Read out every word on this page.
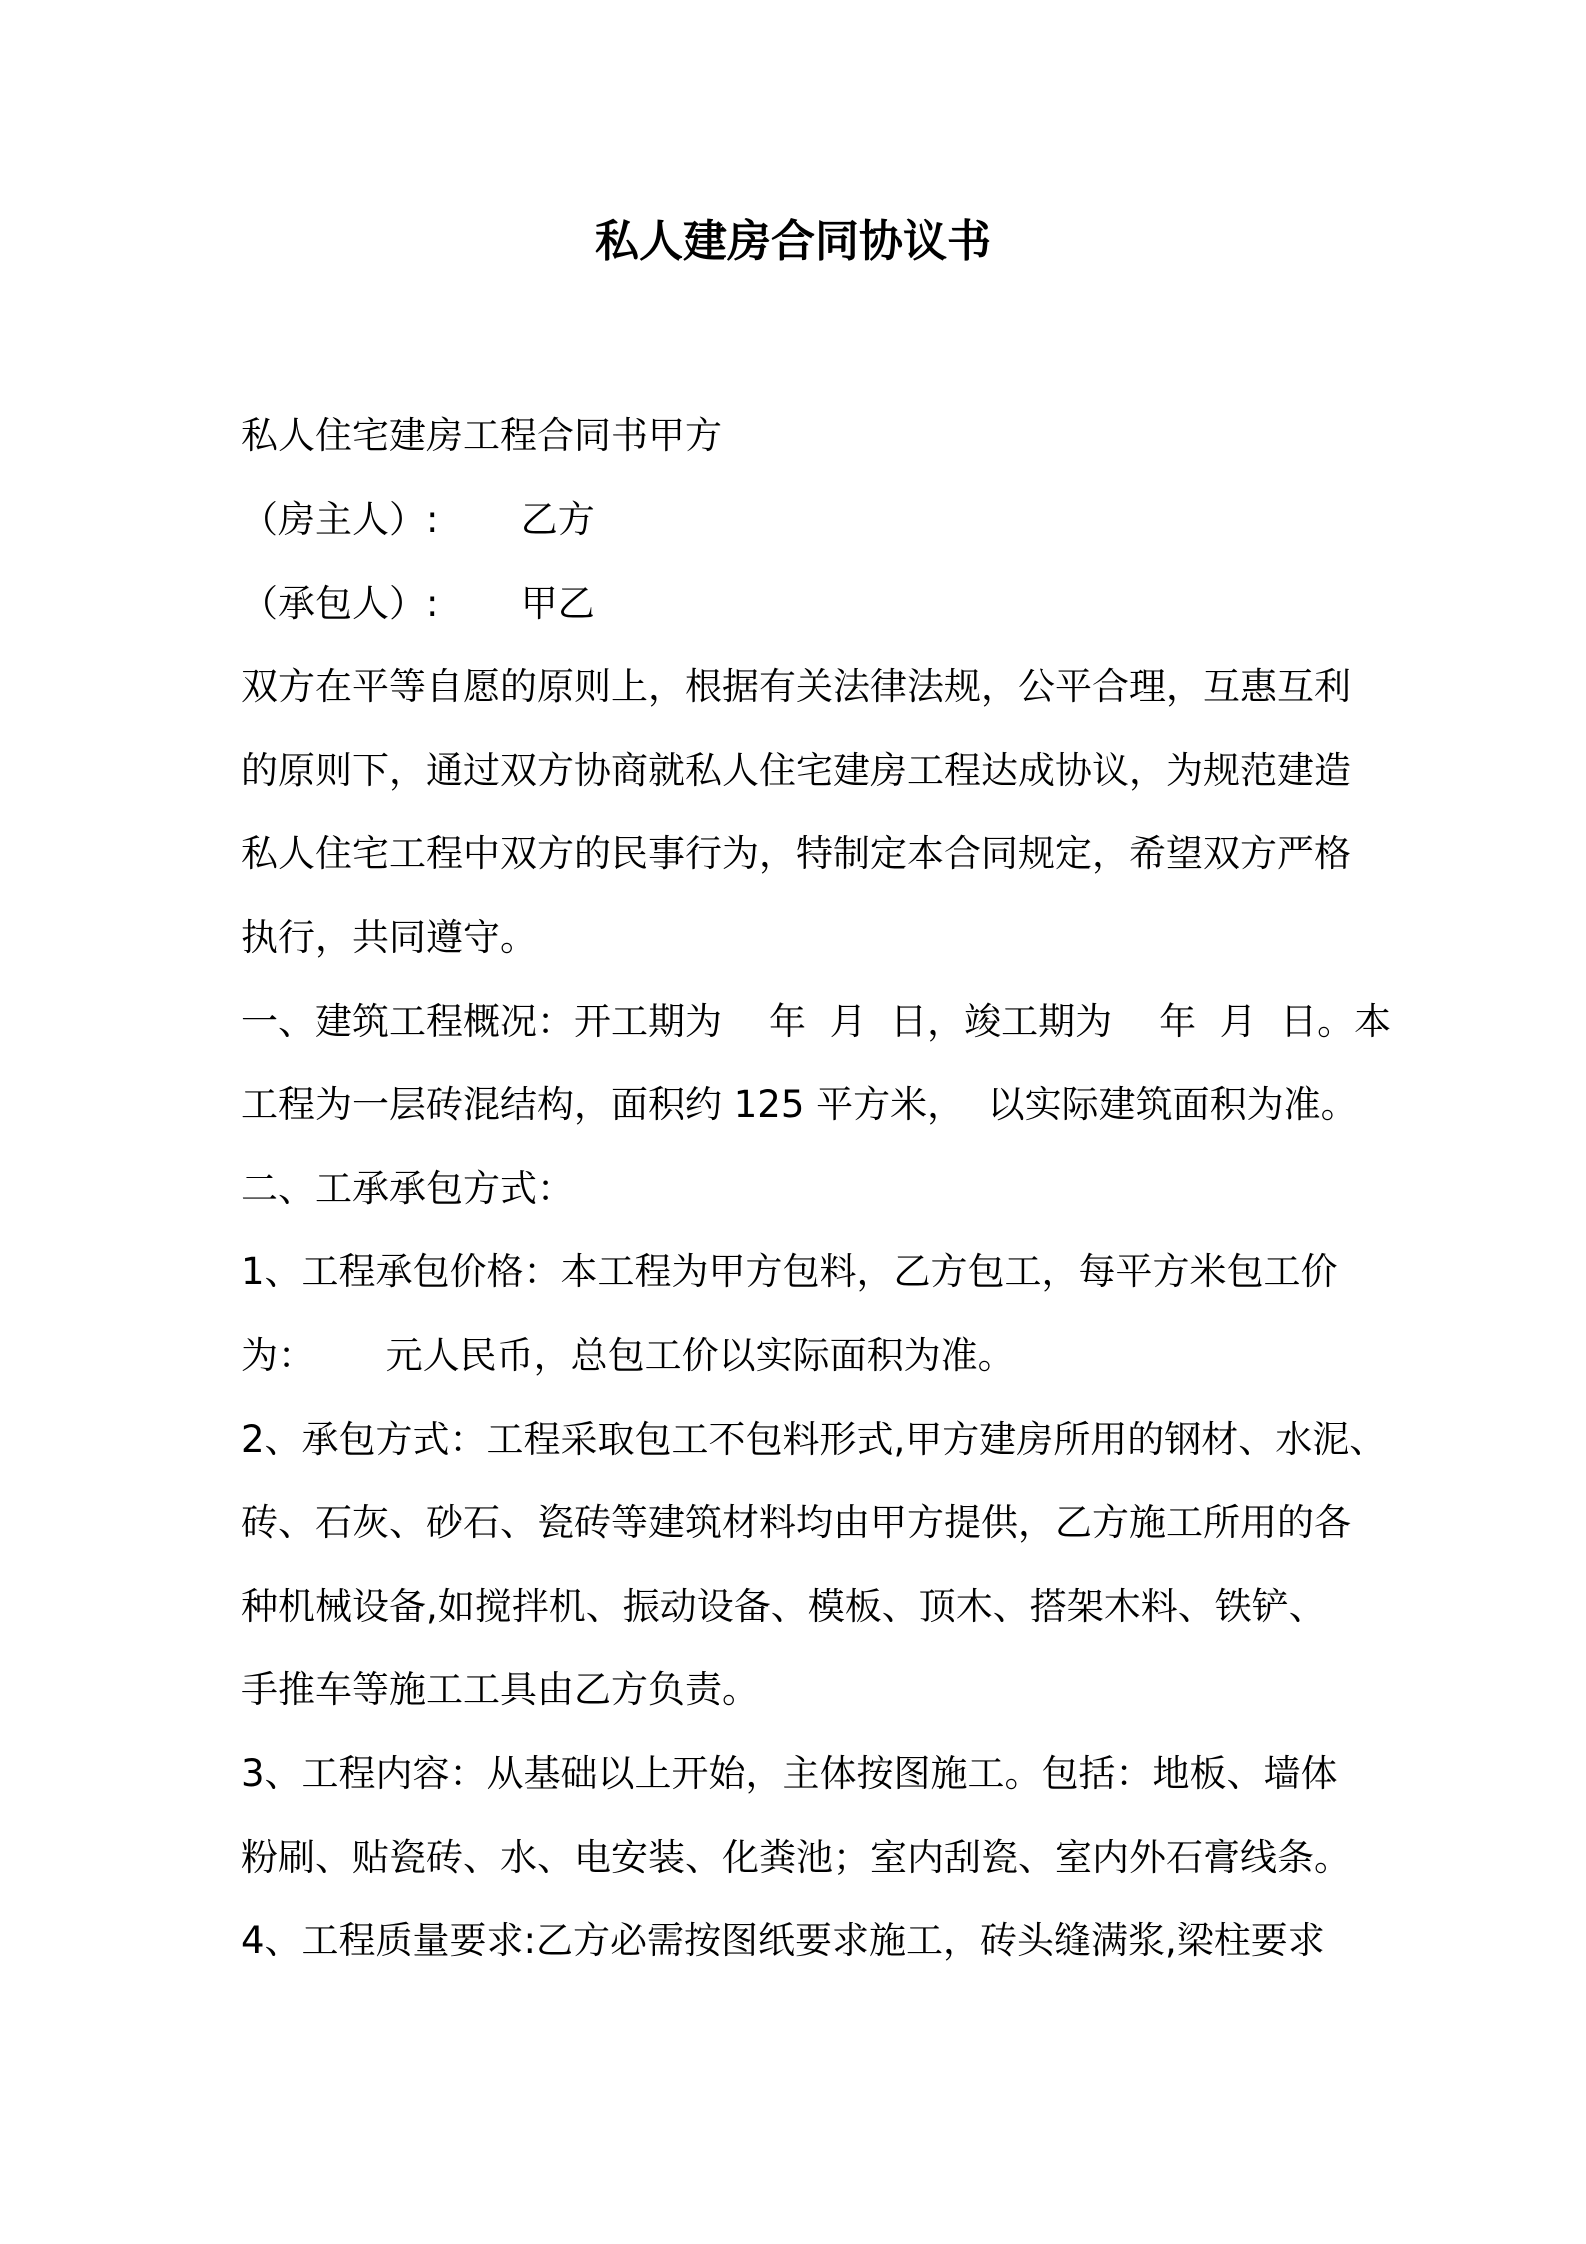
私人建房合同协议书
私人住宅建房工程合同书甲方
（房主人）:       乙方
（承包人）:       甲乙
双方在平等自愿的原则上，根据有关法律法规，公平合理，互惠互利
的原则下，通过双方协商就私人住宅建房工程达成协议，为规范建造
私人住宅工程中双方的民事行为，特制定本合同规定，希望双方严格
执行，共同遵守。
一、建筑工程概况：开工期为    年  月  日，竣工期为    年  月  日。本
工程为一层砖混结构，面积约 125 平方米，  以实际建筑面积为准。
二、工承承包方式：
1、工程承包价格：本工程为甲方包料，乙方包工，每平方米包工价
为：      元人民币，总包工价以实际面积为准。
2、承包方式：工程采取包工不包料形式,甲方建房所用的钢材、水泥、
砖、石灰、砂石、瓷砖等建筑材料均由甲方提供，乙方施工所用的各
种机械设备,如搅拌机、振动设备、模板、顶木、搭架木料、铁铲、
手推车等施工工具由乙方负责。
3、工程内容：从基础以上开始，主体按图施工。包括：地板、墙体
粉刷、贴瓷砖、水、电安装、化粪池；室内刮瓷、室内外石膏线条。
4、工程质量要求:乙方必需按图纸要求施工，砖头缝满浆,梁柱要求
